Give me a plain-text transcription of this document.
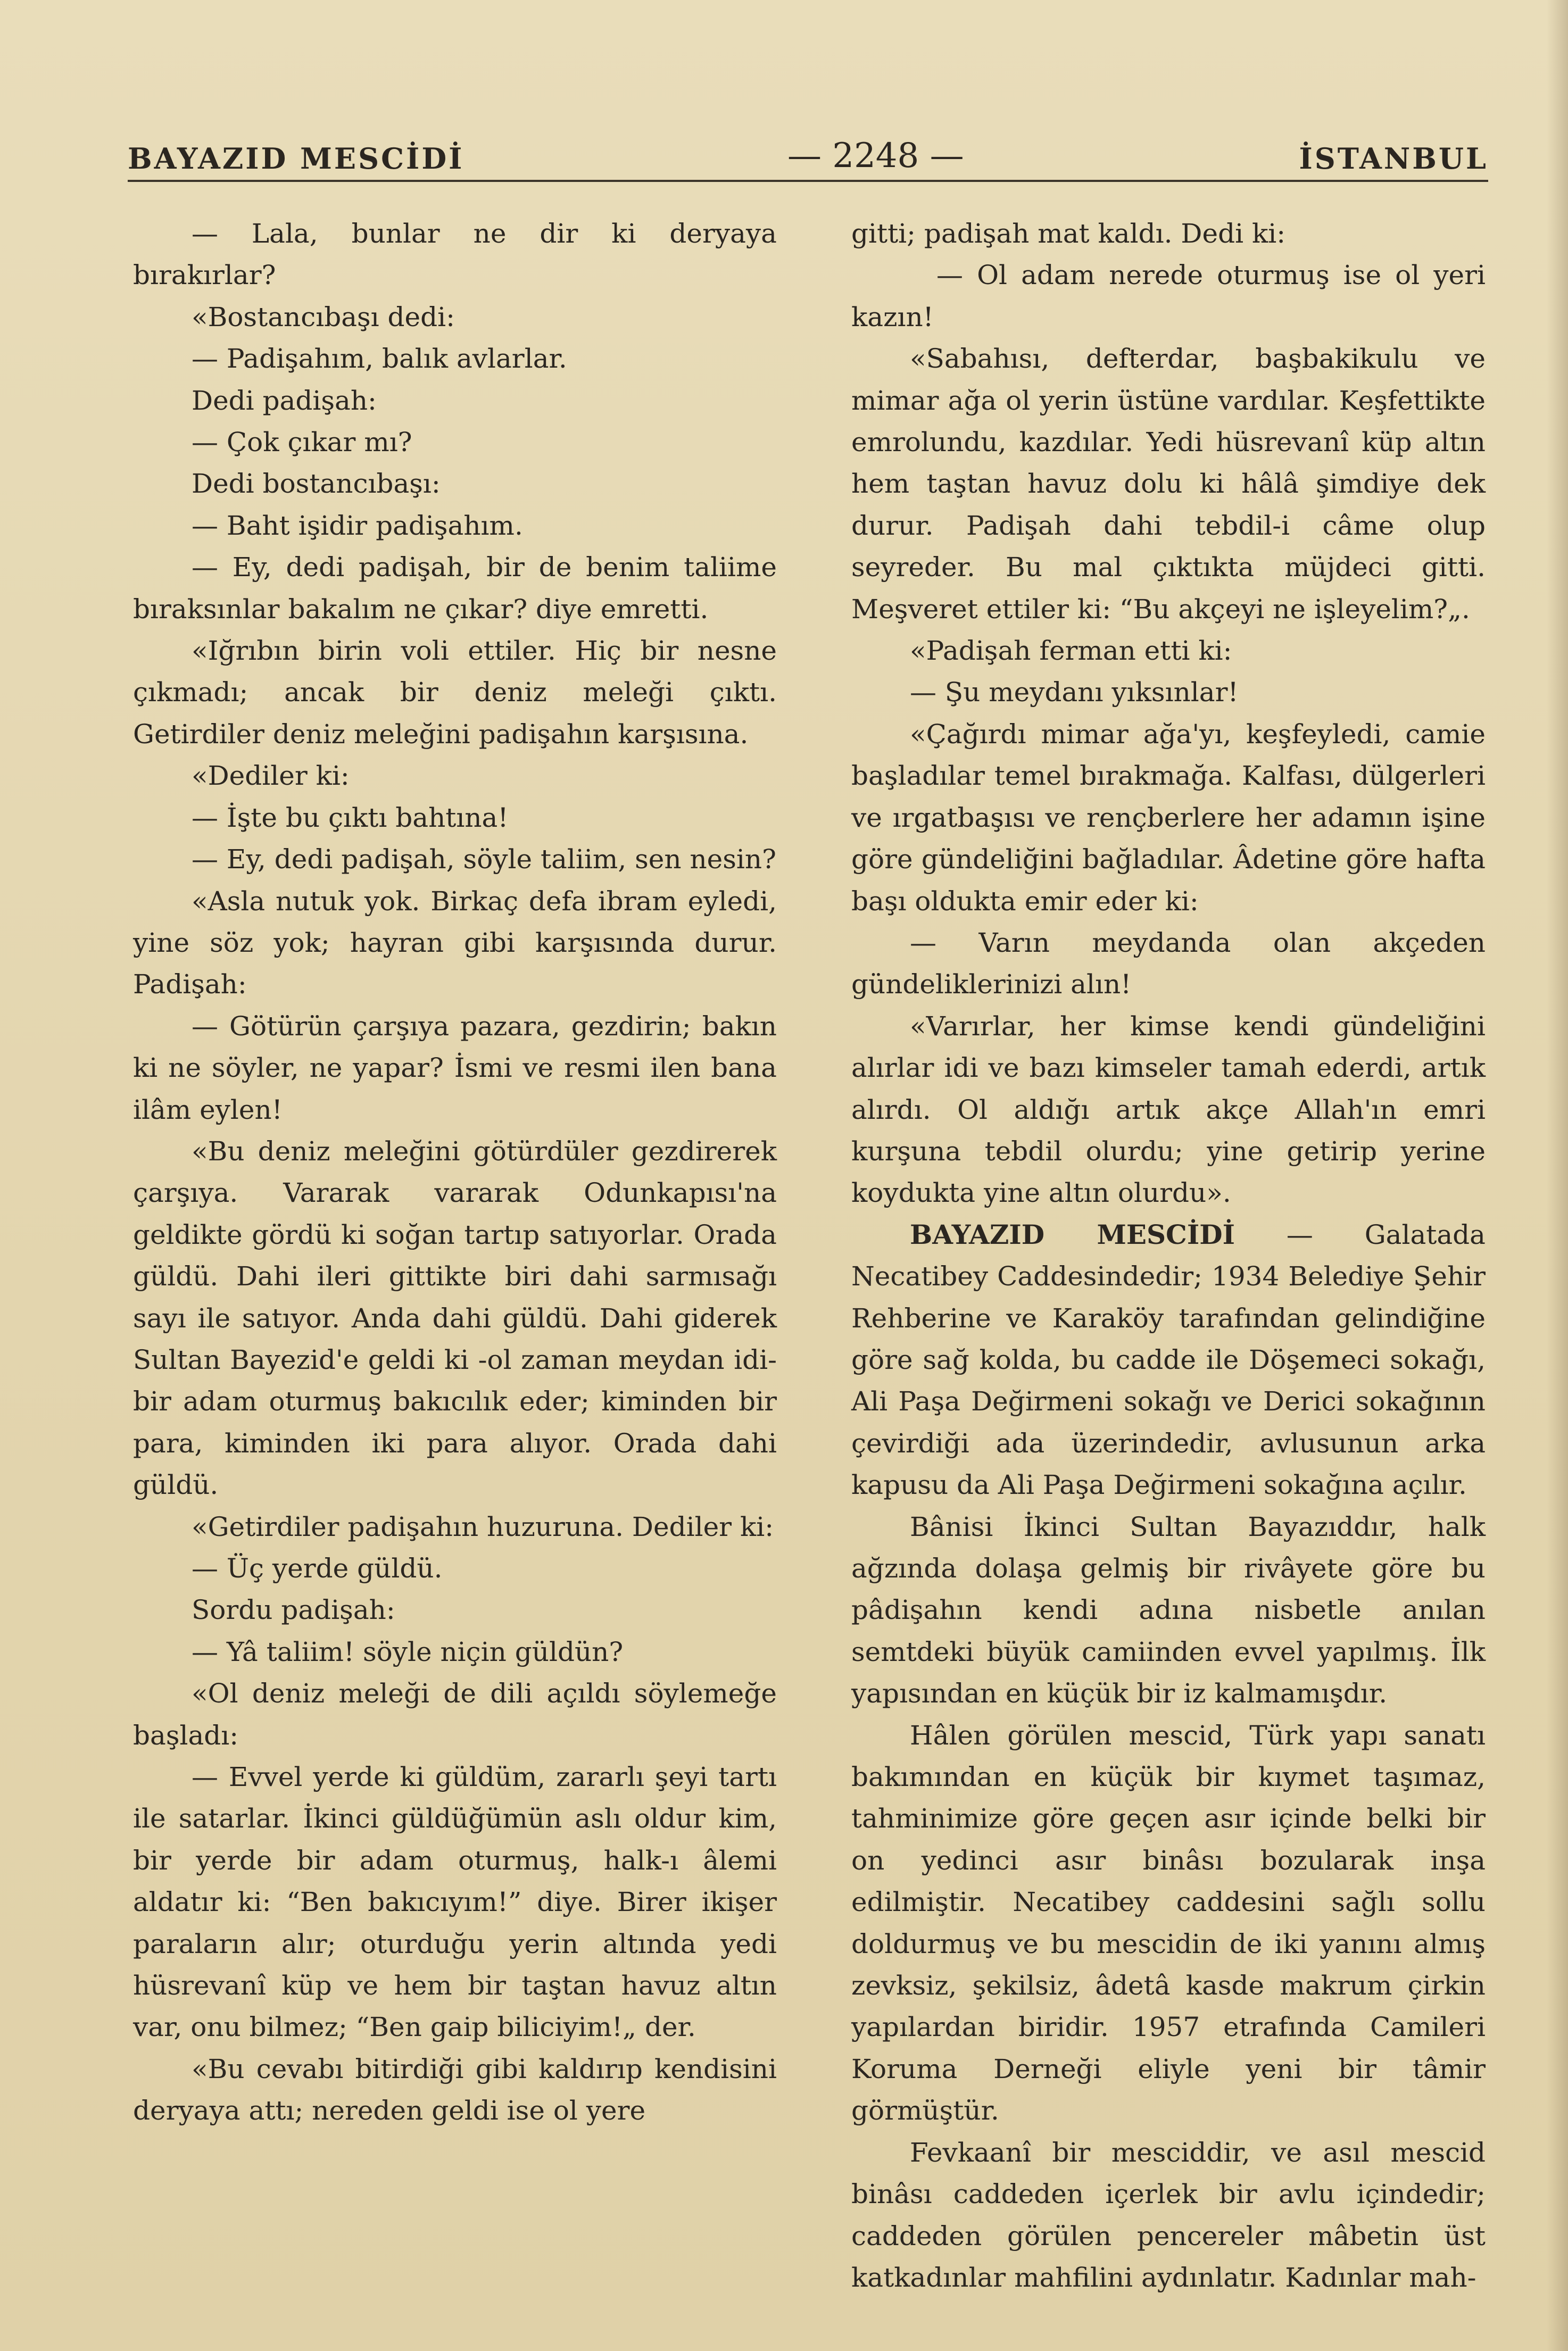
BAYAZID MESCİDİ	— 2248 —	İSTANBUL

— Lala, bunlar ne dir ki deryaya bırakırlar?

«Bostancıbaşı dedi:

— Padişahım, balık avlarlar.

Dedi padişah:

— Çok çıkar mı?

Dedi bostancıbaşı:

— Baht işidir padişahım.

— Ey, dedi padişah, bir de benim taliime bıraksınlar bakalım ne çıkar? diye emretti.

«Iğrıbın birin voli ettiler. Hiç bir nesne çıkmadı; ancak bir deniz meleği çıktı. Getirdiler deniz meleğini padişahın karşısına.

«Dediler ki:

— İşte bu çıktı bahtına!

— Ey, dedi padişah, söyle taliim, sen nesin?

«Asla nutuk yok. Birkaç defa ibram eyledi, yine söz yok; hayran gibi karşısında durur. Padişah:

— Götürün çarşıya pazara, gezdirin; bakın ki ne söyler, ne yapar? İsmi ve resmi ilen bana ilâm eylen!

«Bu deniz meleğini götürdüler gezdirerek çarşıya. Vararak vararak Odunkapısı'na geldikte gördü ki soğan tartıp satıyorlar. Orada güldü. Dahi ileri gittikte biri dahi sarmısağı sayı ile satıyor. Anda dahi güldü. Dahi giderek Sultan Bayezid'e geldi ki -ol zaman meydan idi-bir adam oturmuş bakıcılık eder; kiminden bir para, kiminden iki para alıyor. Orada dahi güldü.

«Getirdiler padişahın huzuruna. Dediler ki:

— Üç yerde güldü.

Sordu padişah:

— Yâ taliim! söyle niçin güldün?

«Ol deniz meleği de dili açıldı söylemeğe başladı:

— Evvel yerde ki güldüm, zararlı şeyi tartı ile satarlar. İkinci güldüğümün aslı oldur kim, bir yerde bir adam oturmuş, halk-ı âlemi aldatır ki: “Ben bakıcıyım!” diye. Birer ikişer paraların alır; oturduğu yerin altında yedi hüsrevanî küp ve hem bir taştan havuz altın var, onu bilmez; “Ben gaip biliciyim!„ der.

«Bu cevabı bitirdiği gibi kaldırıp kendisini deryaya attı; nereden geldi ise ol yere

gitti; padişah mat kaldı. Dedi ki:

— Ol adam nerede oturmuş ise ol yeri kazın!

«Sabahısı, defterdar, başbakikulu ve mimar ağa ol yerin üstüne vardılar. Keşfettikte emrolundu, kazdılar. Yedi hüsrevanî küp altın hem taştan havuz dolu ki hâlâ şimdiye dek durur. Padişah dahi tebdil-i câme olup seyreder. Bu mal çıktıkta müjdeci gitti. Meşveret ettiler ki: “Bu akçeyi ne işleyelim?„.

«Padişah ferman etti ki:

— Şu meydanı yıksınlar!

«Çağırdı mimar ağa'yı, keşfeyledi, camie başladılar temel bırakmağa. Kalfası, dülgerleri ve ırgatbaşısı ve rençberlere her adamın işine göre gündeliğini bağladılar. Âdetine göre hafta başı oldukta emir eder ki:

— Varın meydanda olan akçeden gündeliklerinizi alın!

«Varırlar, her kimse kendi gündeliğini alırlar idi ve bazı kimseler tamah ederdi, artık alırdı. Ol aldığı artık akçe Allah'ın emri kurşuna tebdil olurdu; yine getirip yerine koydukta yine altın olurdu».

BAYAZID MESCİDİ — Galatada Necatibey Caddesindedir; 1934 Belediye Şehir Rehberine ve Karaköy tarafından gelindiğine göre sağ kolda, bu cadde ile Döşemeci sokağı, Ali Paşa Değirmeni sokağı ve Derici sokağının çevirdiği ada üzerindedir, avlusunun arka kapusu da Ali Paşa Değirmeni sokağına açılır.

Bânisi İkinci Sultan Bayazıddır, halk ağzında dolaşa gelmiş bir rivâyete göre bu pâdişahın kendi adına nisbetle anılan semtdeki büyük camiinden evvel yapılmış. İlk yapısından en küçük bir iz kalmamışdır.

Hâlen görülen mescid, Türk yapı sanatı bakımından en küçük bir kıymet taşımaz, tahminimize göre geçen asır içinde belki bir on yedinci asır binâsı bozularak inşa edilmiştir. Necatibey caddesini sağlı sollu doldurmuş ve bu mescidin de iki yanını almış zevksiz, şekilsiz, âdetâ kasde makrum çirkin yapılardan biridir. 1957 etrafında Camileri Koruma Derneği eliyle yeni bir tâmir görmüştür.

Fevkaanî bir mesciddir, ve asıl mescid binâsı caddeden içerlek bir avlu içindedir; caddeden görülen pencereler mâbetin üst katkadınlar mahfilini aydınlatır. Kadınlar mah-
